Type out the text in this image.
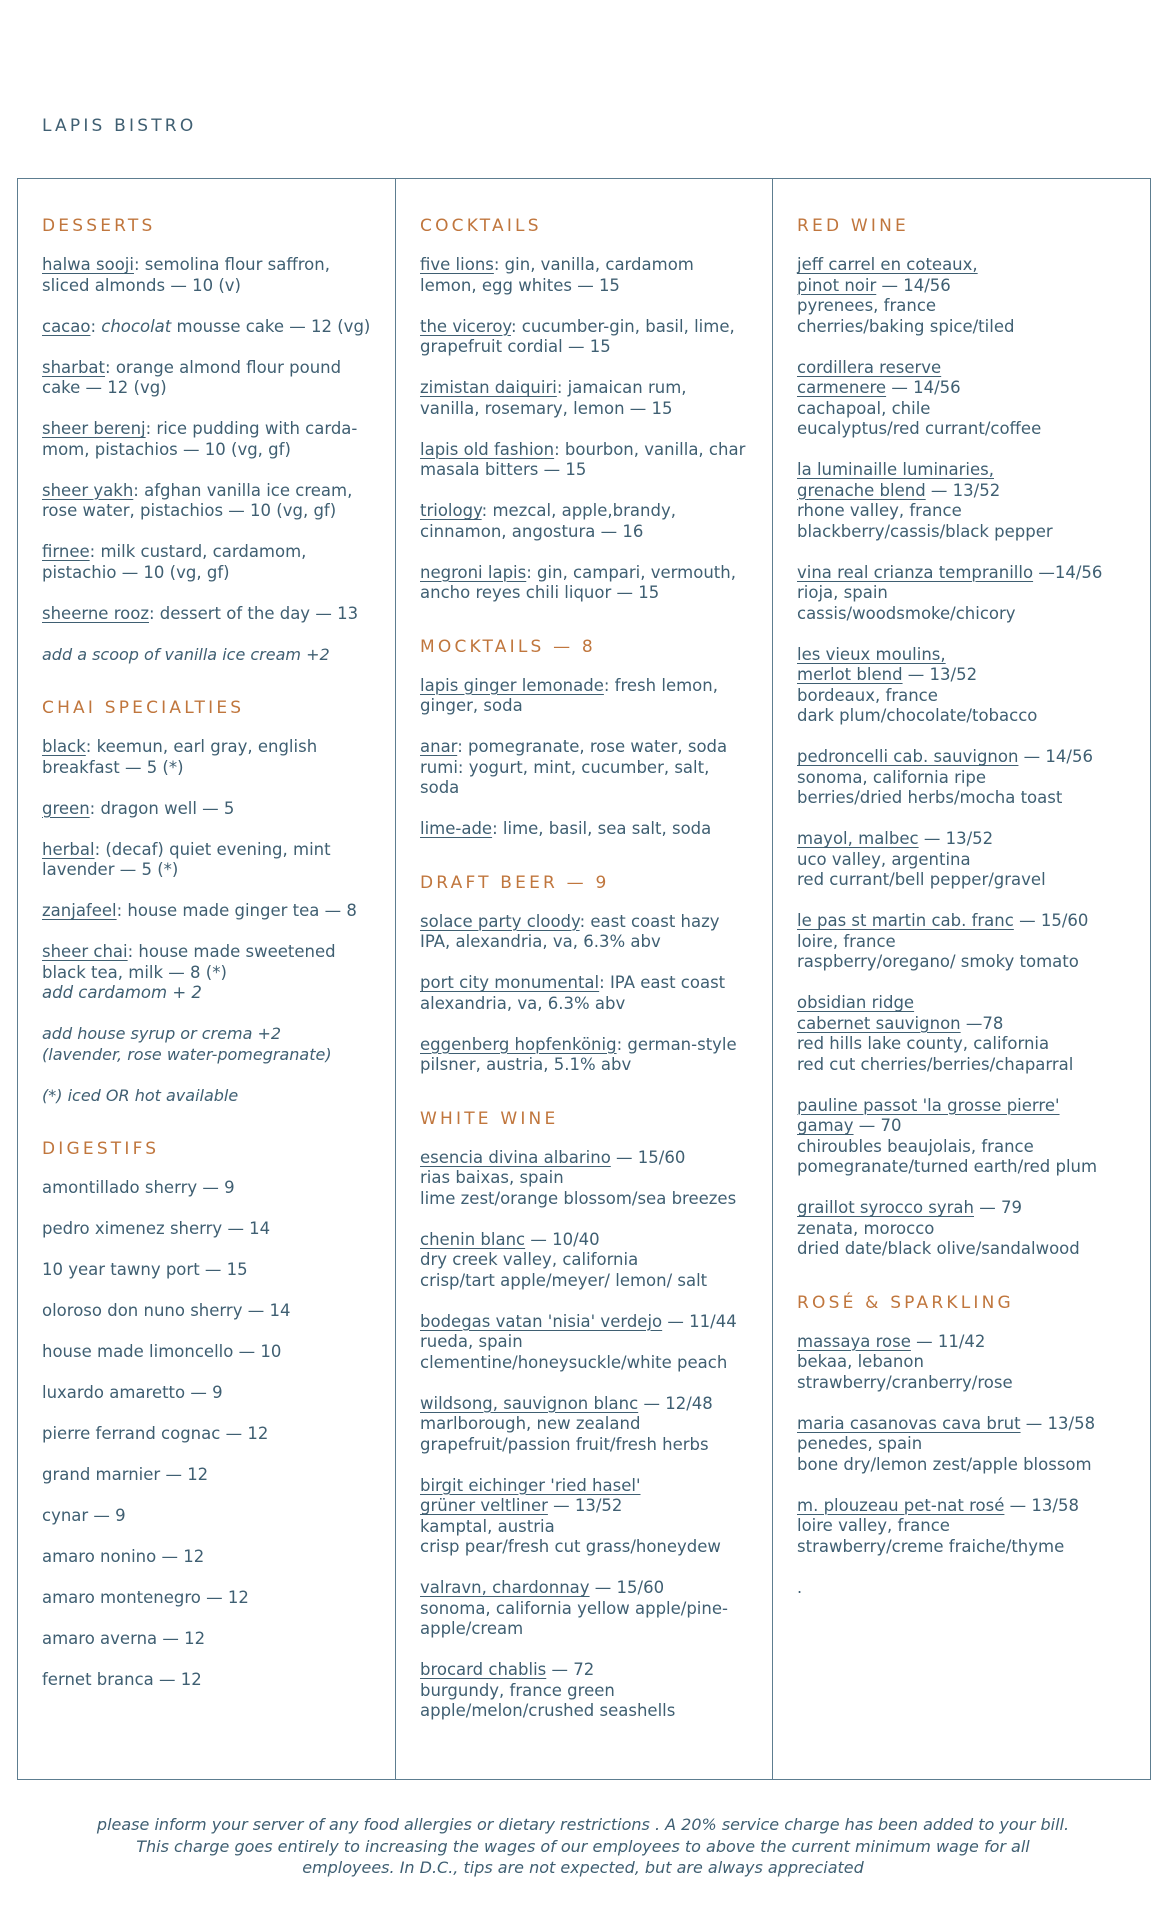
LAPIS BISTRO
DESSERTS
halwa sooji: semolina flour saffron,
sliced almonds — 10 (v)
cacao: chocolat mousse cake — 12 (vg)
sharbat: orange almond flour pound
cake — 12 (vg)
sheer berenj: rice pudding with carda-
mom, pistachios — 10 (vg, gf)
sheer yakh: afghan vanilla ice cream,
rose water, pistachios — 10 (vg, gf)
firnee: milk custard, cardamom,
pistachio — 10 (vg, gf)
sheerne rooz: dessert of the day — 13
add a scoop of vanilla ice cream +2
CHAI SPECIALTIES
black: keemun, earl gray, english
breakfast — 5 (*)
green: dragon well — 5
herbal: (decaf) quiet evening, mint
lavender — 5 (*)
zanjafeel: house made ginger tea — 8
sheer chai: house made sweetened
black tea, milk — 8 (*)
add cardamom + 2
add house syrup or crema +2
(lavender, rose water-pomegranate)
(*) iced OR hot available
DIGESTIFS
amontillado sherry — 9
pedro ximenez sherry — 14
10 year tawny port — 15
oloroso don nuno sherry — 14
house made limoncello — 10
luxardo amaretto — 9
pierre ferrand cognac — 12
grand marnier — 12
cynar — 9
amaro nonino — 12
amaro montenegro — 12
amaro averna — 12
fernet branca — 12
COCKTAILS
five lions: gin, vanilla, cardamom
lemon, egg whites — 15
the viceroy: cucumber-gin, basil, lime,
grapefruit cordial — 15
zimistan daiquiri: jamaican rum,
vanilla, rosemary, lemon — 15
lapis old fashion: bourbon, vanilla, char
masala bitters — 15
triology: mezcal, apple,brandy,
cinnamon, angostura — 16
negroni lapis: gin, campari, vermouth,
ancho reyes chili liquor — 15
MOCKTAILS — 8
lapis ginger lemonade: fresh lemon,
ginger, soda
anar: pomegranate, rose water, soda
rumi: yogurt, mint, cucumber, salt,
soda
lime-ade: lime, basil, sea salt, soda
DRAFT BEER — 9
solace party cloody: east coast hazy
IPA, alexandria, va, 6.3% abv
port city monumental: IPA east coast
alexandria, va, 6.3% abv
eggenberg hopfenkönig: german-style
pilsner, austria, 5.1% abv
WHITE WINE
esencia divina albarino — 15/60
rias baixas, spain
lime zest/orange blossom/sea breezes
chenin blanc — 10/40
dry creek valley, california
crisp/tart apple/meyer/ lemon/ salt
bodegas vatan 'nisia' verdejo — 11/44
rueda, spain
clementine/honeysuckle/white peach
wildsong, sauvignon blanc — 12/48
marlborough, new zealand
grapefruit/passion fruit/fresh herbs
birgit eichinger 'ried hasel'
grüner veltliner — 13/52
kamptal, austria
crisp pear/fresh cut grass/honeydew
valravn, chardonnay — 15/60
sonoma, california yellow apple/pine-
apple/cream
brocard chablis — 72
burgundy, france green
apple/melon/crushed seashells
RED WINE
jeff carrel en coteaux,
pinot noir — 14/56
pyrenees, france
cherries/baking spice/tiled
cordillera reserve
carmenere — 14/56
cachapoal, chile
eucalyptus/red currant/coffee
la luminaille luminaries,
grenache blend — 13/52
rhone valley, france
blackberry/cassis/black pepper
vina real crianza tempranillo —14/56
rioja, spain
cassis/woodsmoke/chicory
les vieux moulins,
merlot blend — 13/52
bordeaux, france
dark plum/chocolate/tobacco
pedroncelli cab. sauvignon — 14/56
sonoma, california ripe
berries/dried herbs/mocha toast
mayol, malbec — 13/52
uco valley, argentina
red currant/bell pepper/gravel
le pas st martin cab. franc — 15/60
loire, france
raspberry/oregano/ smoky tomato
obsidian ridge
cabernet sauvignon —78
red hills lake county, california
red cut cherries/berries/chaparral
pauline passot 'la grosse pierre'
gamay — 70
chiroubles beaujolais, france
pomegranate/turned earth/red plum
graillot syrocco syrah — 79
zenata, morocco
dried date/black olive/sandalwood
ROSÉ & SPARKLING
massaya rose — 11/42
bekaa, lebanon
strawberry/cranberry/rose
maria casanovas cava brut — 13/58
penedes, spain
bone dry/lemon zest/apple blossom
m. plouzeau pet-nat rosé — 13/58
loire valley, france
strawberry/creme fraiche/thyme
.
please inform your server of any food allergies or dietary restrictions . A 20% service charge has been added to your bill.
This charge goes entirely to increasing the wages of our employees to above the current minimum wage for all
employees. In D.C., tips are not expected, but are always appreciated
